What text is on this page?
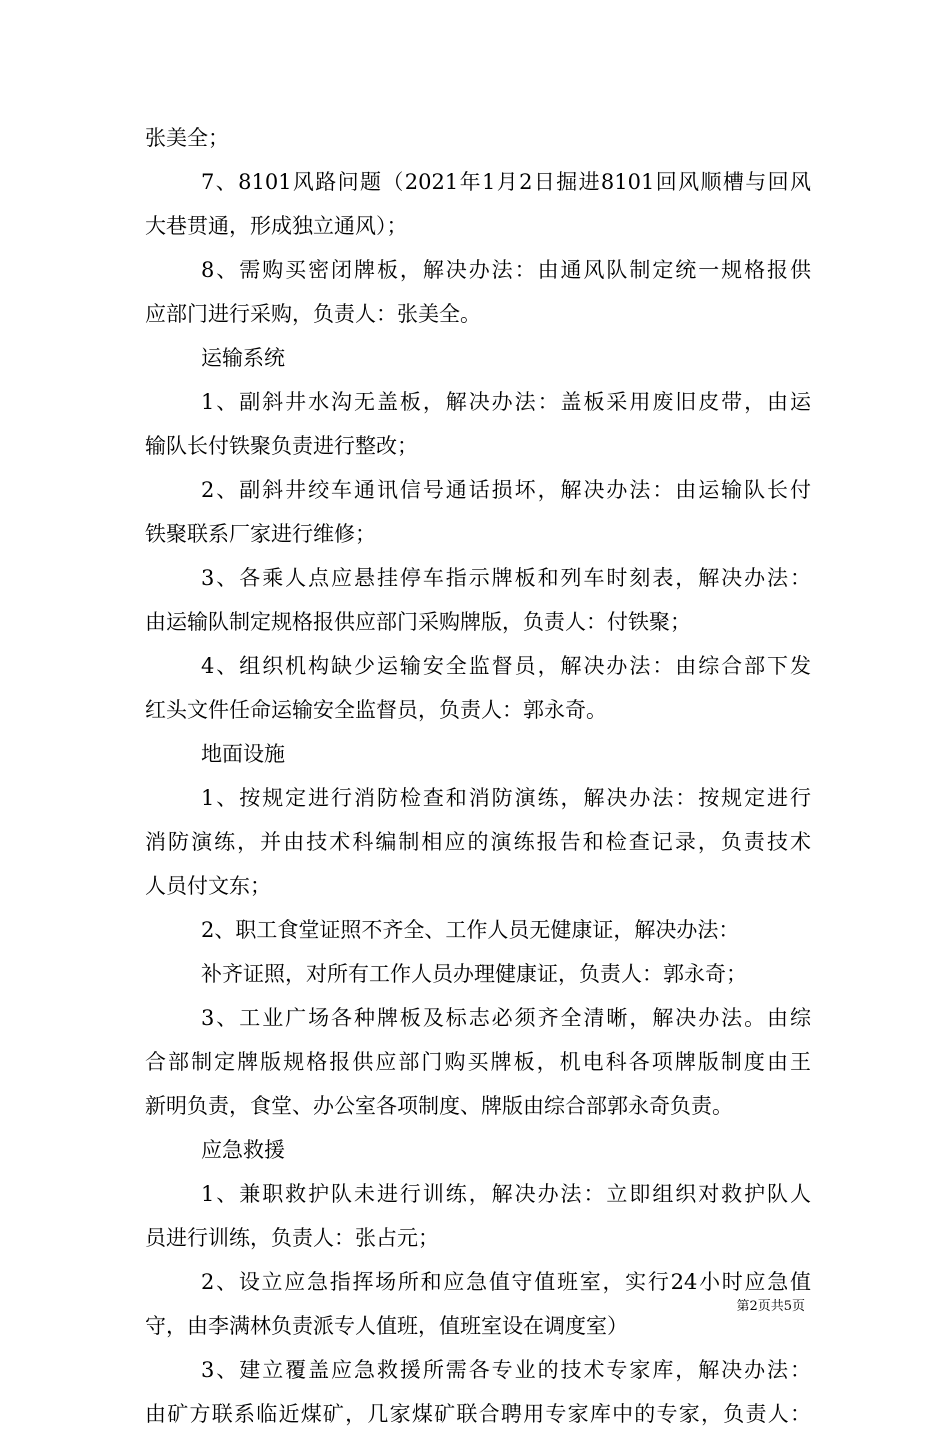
张美全；
7、8101风路问题（2021年1月2日掘进8101回风顺槽与回风
大巷贯通，形成独立通风）；
8、需购买密闭牌板，解决办法：由通风队制定统一规格报供
应部门进行采购，负责人：张美全。
运输系统
1、副斜井水沟无盖板，解决办法：盖板采用废旧皮带，由运
输队长付铁聚负责进行整改；
2、副斜井绞车通讯信号通话损坏，解决办法：由运输队长付
铁聚联系厂家进行维修；
3、各乘人点应悬挂停车指示牌板和列车时刻表，解决办法：
由运输队制定规格报供应部门采购牌版，负责人：付铁聚；
4、组织机构缺少运输安全监督员，解决办法：由综合部下发
红头文件任命运输安全监督员，负责人：郭永奇。
地面设施
1、按规定进行消防检查和消防演练，解决办法：按规定进行
消防演练，并由技术科编制相应的演练报告和检查记录，负责技术
人员付文东；
2、职工食堂证照不齐全、工作人员无健康证，解决办法：
补齐证照，对所有工作人员办理健康证，负责人：郭永奇；
3、工业广场各种牌板及标志必须齐全清晰，解决办法。由综
合部制定牌版规格报供应部门购买牌板，机电科各项牌版制度由王
新明负责，食堂、办公室各项制度、牌版由综合部郭永奇负责。
应急救援
1、兼职救护队未进行训练，解决办法：立即组织对救护队人
员进行训练，负责人：张占元；
2、设立应急指挥场所和应急值守值班室，实行24小时应急值
守，由李满林负责派专人值班，值班室设在调度室）
3、建立覆盖应急救援所需各专业的技术专家库，解决办法：
由矿方联系临近煤矿，几家煤矿联合聘用专家库中的专家，负责人：
第2页共5页
